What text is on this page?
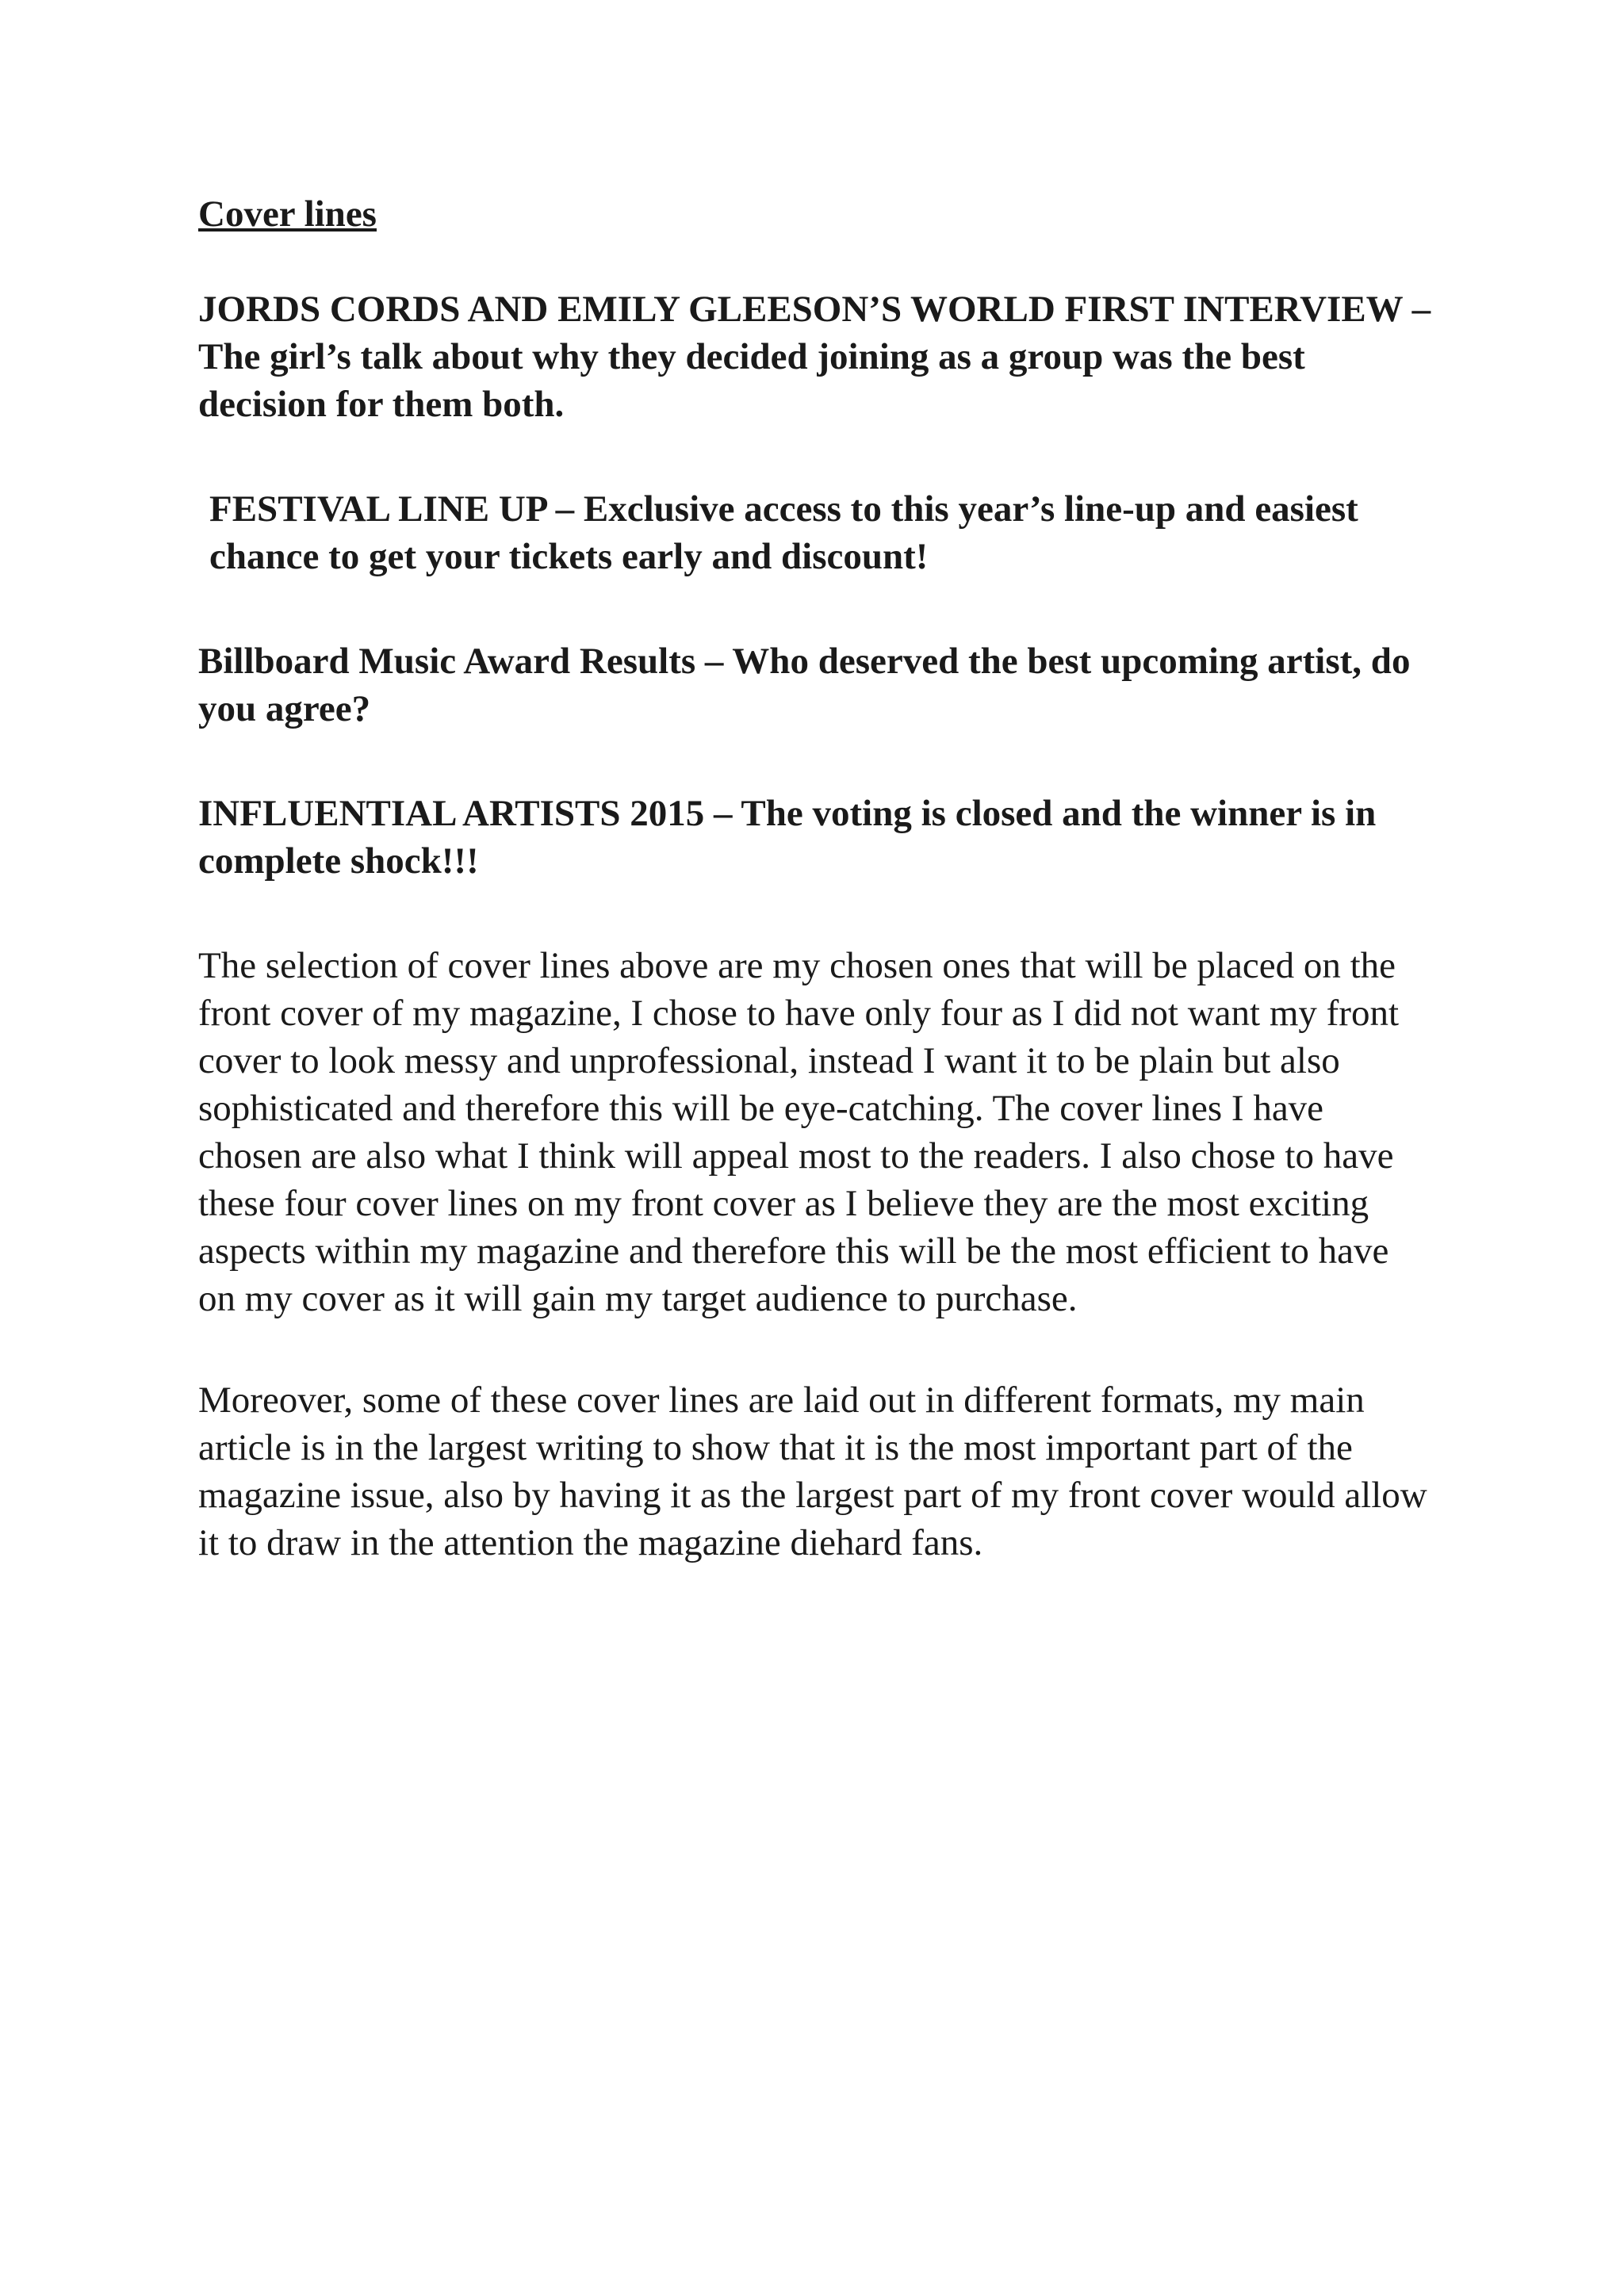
Cover lines
JORDS CORDS AND EMILY GLEESON’S WORLD FIRST INTERVIEW – The girl’s talk about why they decided joining as a group was the best decision for them both.
FESTIVAL LINE UP – Exclusive access to this year’s line-up and easiest chance to get your tickets early and discount!
Billboard Music Award Results – Who deserved the best upcoming artist, do you agree?
INFLUENTIAL ARTISTS 2015 – The voting is closed and the winner is in complete shock!!!
The selection of cover lines above are my chosen ones that will be placed on the front cover of my magazine, I chose to have only four as I did not want my front cover to look messy and unprofessional, instead I want it to be plain but also sophisticated and therefore this will be eye-catching. The cover lines I have chosen are also what I think will appeal most to the readers. I also chose to have these four cover lines on my front cover as I believe they are the most exciting aspects within my magazine and therefore this will be the most efficient to have on my cover as it will gain my target audience to purchase.
Moreover, some of these cover lines are laid out in different formats, my main article is in the largest writing to show that it is the most important part of the magazine issue, also by having it as the largest part of my front cover would allow it to draw in the attention the magazine diehard fans.
